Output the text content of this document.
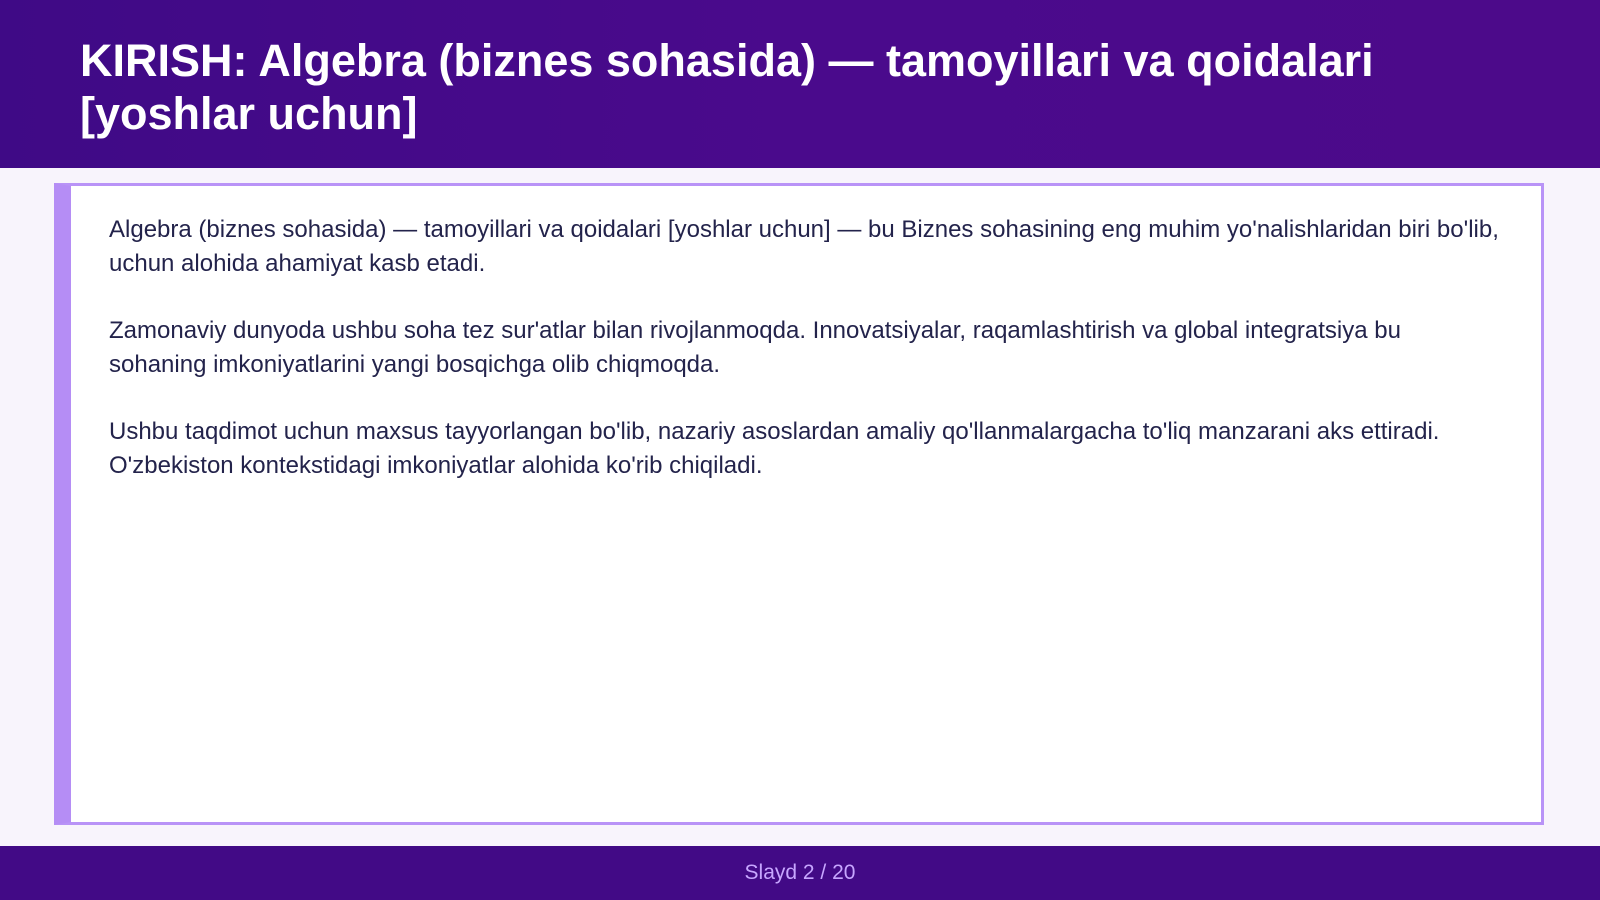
KIRISH: Algebra (biznes sohasida) — tamoyillari va qoidalari [yoshlar uchun]

Algebra (biznes sohasida) — tamoyillari va qoidalari [yoshlar uchun] — bu Biznes sohasining eng muhim yo'nalishlaridan biri bo'lib, uchun alohida ahamiyat kasb etadi.

Zamonaviy dunyoda ushbu soha tez sur'atlar bilan rivojlanmoqda. Innovatsiyalar, raqamlashtirish va global integratsiya bu sohaning imkoniyatlarini yangi bosqichga olib chiqmoqda.

Ushbu taqdimot uchun maxsus tayyorlangan bo'lib, nazariy asoslardan amaliy qo'llanmalargacha to'liq manzarani aks ettiradi. O'zbekiston kontekstidagi imkoniyatlar alohida ko'rib chiqiladi.

Slayd 2 / 20
